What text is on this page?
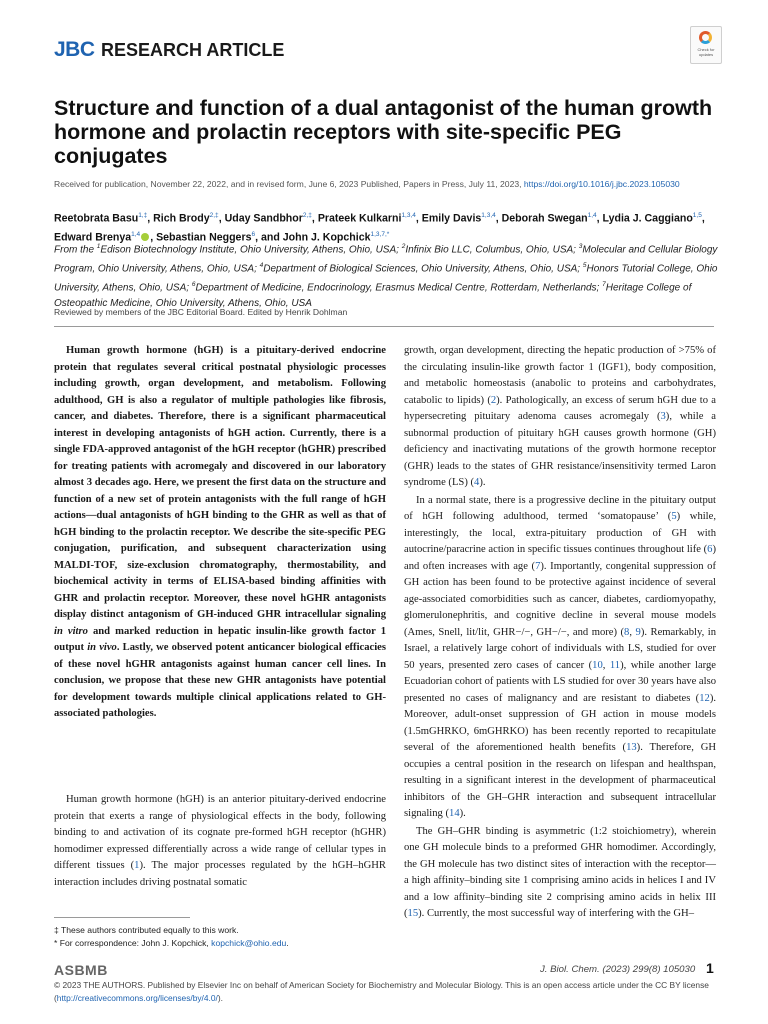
JBC RESEARCH ARTICLE	Check for updates
Structure and function of a dual antagonist of the human growth hormone and prolactin receptors with site-specific PEG conjugates
Received for publication, November 22, 2022, and in revised form, June 6, 2023 Published, Papers in Press, July 11, 2023, https://doi.org/10.1016/j.jbc.2023.105030
Reetobrata Basu$^{1,\ddagger}$, Rich Brody$^{2,\ddagger}$, Uday Sandbhor$^{2,\ddagger}$, Prateek Kulkarni$^{1,3,4}$, Emily Davis$^{1,3,4}$, Deborah Swegan$^{1,4}$, Lydia J. Caggiano$^{1,5}$, Edward Brenya$^{1,4}$ , Sebastian Neggers$^6$, and John J. Kopchick$^{1,3,7,*}$
From the $^1$Edison Biotechnology Institute, Ohio University, Athens, Ohio, USA; $^2$Infinix Bio LLC, Columbus, Ohio, USA; $^3$Molecular and Cellular Biology Program, Ohio University, Athens, Ohio, USA; $^4$Department of Biological Sciences, Ohio University, Athens, Ohio, USA; $^5$Honors Tutorial College, Ohio University, Athens, Ohio, USA; $^6$Department of Medicine, Endocrinology, Erasmus Medical Centre, Rotterdam, Netherlands; $^7$Heritage College of Osteopathic Medicine, Ohio University, Athens, Ohio, USA
Reviewed by members of the JBC Editorial Board. Edited by Henrik Dohlman

Human growth hormone (hGH) is a pituitary-derived endocrine protein that regulates several critical postnatal physiologic processes including growth, organ development, and metabolism. Following adulthood, GH is also a regulator of multiple pathologies like fibrosis, cancer, and diabetes. Therefore, there is a significant pharmaceutical interest in developing antagonists of hGH action. Currently, there is a single FDA-approved antagonist of the hGH receptor (hGHR) prescribed for treating patients with acromegaly and discovered in our laboratory almost 3 decades ago. Here, we present the first data on the structure and function of a new set of protein antagonists with the full range of hGH actions—dual antagonists of hGH binding to the GHR as well as that of hGH binding to the prolactin receptor. We describe the site-specific PEG conjugation, purification, and subsequent characterization using MALDI-TOF, size-exclusion chromatography, thermostability, and biochemical activity in terms of ELISA-based binding affinities with GHR and prolactin receptor. Moreover, these novel hGHR antagonists display distinct antagonism of GH-induced GHR intracellular signaling in vitro and marked reduction in hepatic insulin-like growth factor 1 output in vivo. Lastly, we observed potent anticancer biological efficacies of these novel hGHR antagonists against human cancer cell lines. In conclusion, we propose that these new GHR antagonists have potential for development towards multiple clinical applications related to GH-associated pathologies.

Human growth hormone (hGH) is an anterior pituitary-derived endocrine protein that exerts a range of physiological effects in the body, following binding to and activation of its cognate pre-formed hGH receptor (hGHR) homodimer expressed differentially across a wide range of cellular types in different tissues (1). The major processes regulated by the hGH–hGHR interaction includes driving postnatal somatic

growth, organ development, directing the hepatic production of >75% of the circulating insulin-like growth factor 1 (IGF1), body composition, and metabolic homeostasis (anabolic to proteins and carbohydrates, catabolic to lipids) (2). Pathologically, an excess of serum hGH due to a hypersecreting pituitary adenoma causes acromegaly (3), while a subnormal production of pituitary hGH causes growth hormone (GH) deficiency and inactivating mutations of the growth hormone receptor (GHR) leads to the states of GHR resistance/insensitivity termed Laron syndrome (LS) (4).

In a normal state, there is a progressive decline in the pituitary output of hGH following adulthood, termed ‘somatopause’ (5) while, interestingly, the local, extra-pituitary production of GH with autocrine/paracrine action in specific tissues continues throughout life (6) and often increases with age (7). Importantly, congenital suppression of GH action has been found to be protective against incidence of several age-associated comorbidities such as cancer, diabetes, cardiomyopathy, glomerulonephritis, and cognitive decline in several mouse models (Ames, Snell, lit/lit, GHR−/−, GH−/−, and more) (8, 9). Remarkably, in Israel, a relatively large cohort of individuals with LS, studied for over 50 years, presented zero cases of cancer (10, 11), while another large Ecuadorian cohort of patients with LS studied for over 30 years have also presented no cases of malignancy and are resistant to diabetes (12). Moreover, adult-onset suppression of GH action in mouse models (1.5mGHRKO, 6mGHRKO) has been recently reported to recapitulate several of the aforementioned health benefits (13). Therefore, GH occupies a central position in the research on lifespan and healthspan, resulting in a significant interest in the development of pharmaceutical inhibitors of the GH–GHR interaction and subsequent intracellular signaling (14).

The GH–GHR binding is asymmetric (1:2 stoichiometry), wherein one GH molecule binds to a preformed GHR homodimer. Accordingly, the GH molecule has two distinct sites of interaction with the receptor—a high affinity–binding site 1 comprising amino acids in helices I and IV and a low affinity–binding site 2 comprising amino acids in helix III (15). Currently, the most successful way of interfering with the GH–

‡ These authors contributed equally to this work.
* For correspondence: John J. Kopchick, kopchick@ohio.edu.
ASBMB	J. Biol. Chem. (2023) 299(8) 105030 1
© 2023 THE AUTHORS. Published by Elsevier Inc on behalf of American Society for Biochemistry and Molecular Biology. This is an open access article under the CC BY license (http://creativecommons.org/licenses/by/4.0/).
